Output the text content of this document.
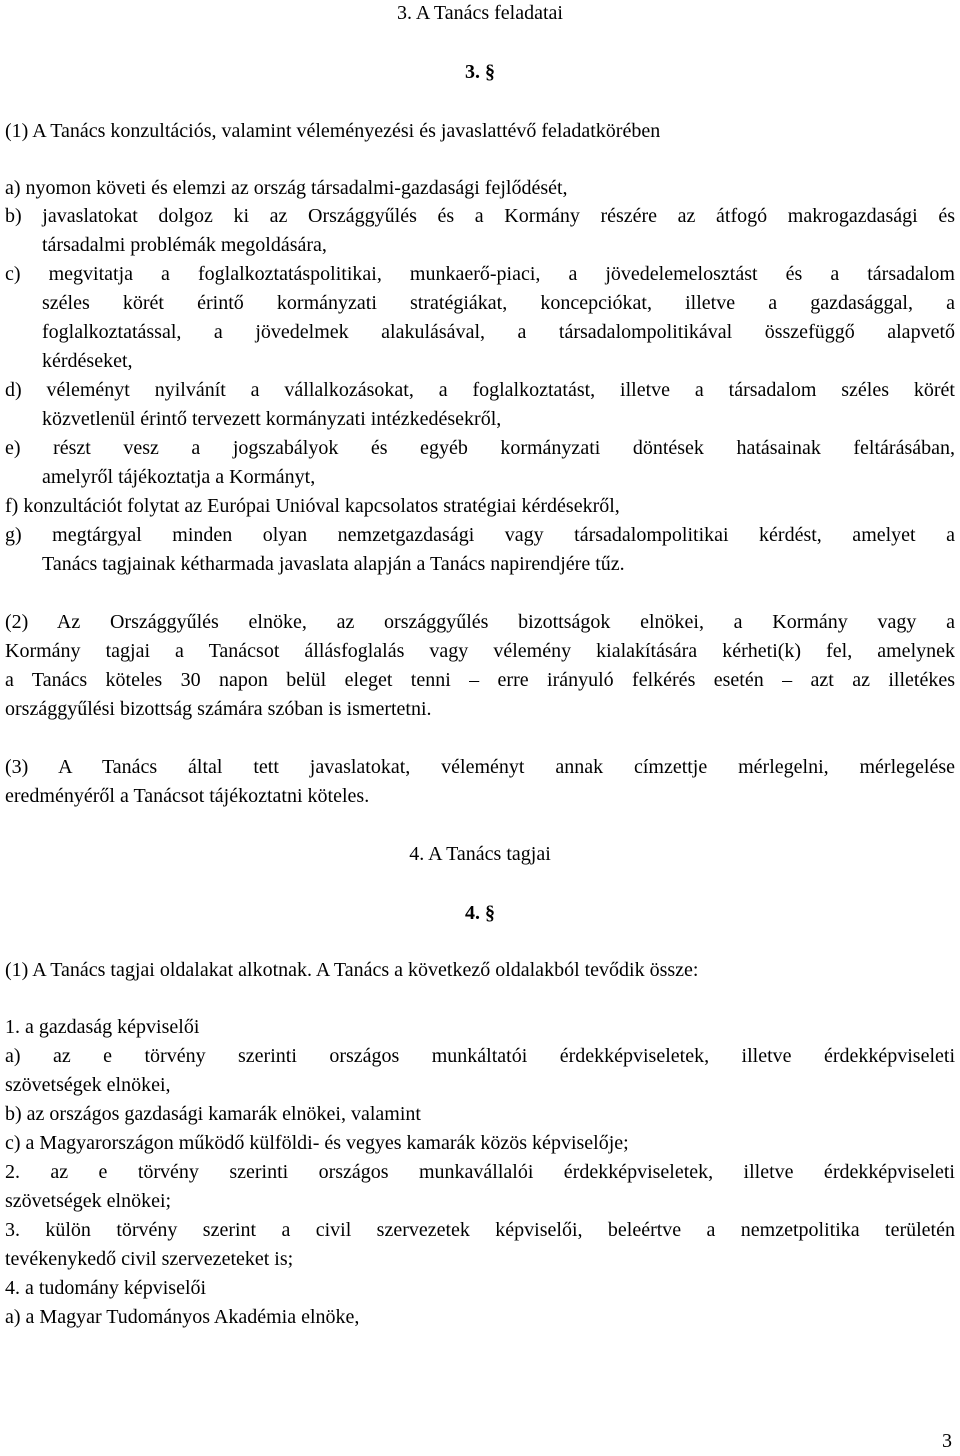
3. A Tanács feladatai
3. §
(1) A Tanács konzultációs, valamint véleményezési és javaslattévő feladatkörében
a) nyomon követi és elemzi az ország társadalmi-gazdasági fejlődését,
b) javaslatokat dolgoz ki az Országgyűlés és a Kormány részére az átfogó makrogazdasági és
társadalmi problémák megoldására,
c) megvitatja a foglalkoztatáspolitikai, munkaerő-piaci, a jövedelemelosztást és a társadalom
széles körét érintő kormányzati stratégiákat, koncepciókat, illetve a gazdasággal, a
foglalkoztatással, a jövedelmek alakulásával, a társadalompolitikával összefüggő alapvető
kérdéseket,
d) véleményt nyilvánít a vállalkozásokat, a foglalkoztatást, illetve a társadalom széles körét
közvetlenül érintő tervezett kormányzati intézkedésekről,
e) részt vesz a jogszabályok és egyéb kormányzati döntések hatásainak feltárásában,
amelyről tájékoztatja a Kormányt,
f) konzultációt folytat az Európai Unióval kapcsolatos stratégiai kérdésekről,
g) megtárgyal minden olyan nemzetgazdasági vagy társadalompolitikai kérdést, amelyet a
Tanács tagjainak kétharmada javaslata alapján a Tanács napirendjére tűz.
(2) Az Országgyűlés elnöke, az országgyűlés bizottságok elnökei, a Kormány vagy a
Kormány tagjai a Tanácsot állásfoglalás vagy vélemény kialakítására kérheti(k) fel, amelynek
a Tanács köteles 30 napon belül eleget tenni – erre irányuló felkérés esetén – azt az illetékes
országgyűlési bizottság számára szóban is ismertetni.
(3) A Tanács által tett javaslatokat, véleményt annak címzettje mérlegelni, mérlegelése
eredményéről a Tanácsot tájékoztatni köteles.
4. A Tanács tagjai
4. §
(1) A Tanács tagjai oldalakat alkotnak. A Tanács a következő oldalakból tevődik össze:
1. a gazdaság képviselői
a) az e törvény szerinti országos munkáltatói érdekképviseletek, illetve érdekképviseleti
szövetségek elnökei,
b) az országos gazdasági kamarák elnökei, valamint
c) a Magyarországon működő külföldi- és vegyes kamarák közös képviselője;
2. az e törvény szerinti országos munkavállalói érdekképviseletek, illetve érdekképviseleti
szövetségek elnökei;
3. külön törvény szerint a civil szervezetek képviselői, beleértve a nemzetpolitika területén
tevékenykedő civil szervezeteket is;
4. a tudomány képviselői
a) a Magyar Tudományos Akadémia elnöke,
3
